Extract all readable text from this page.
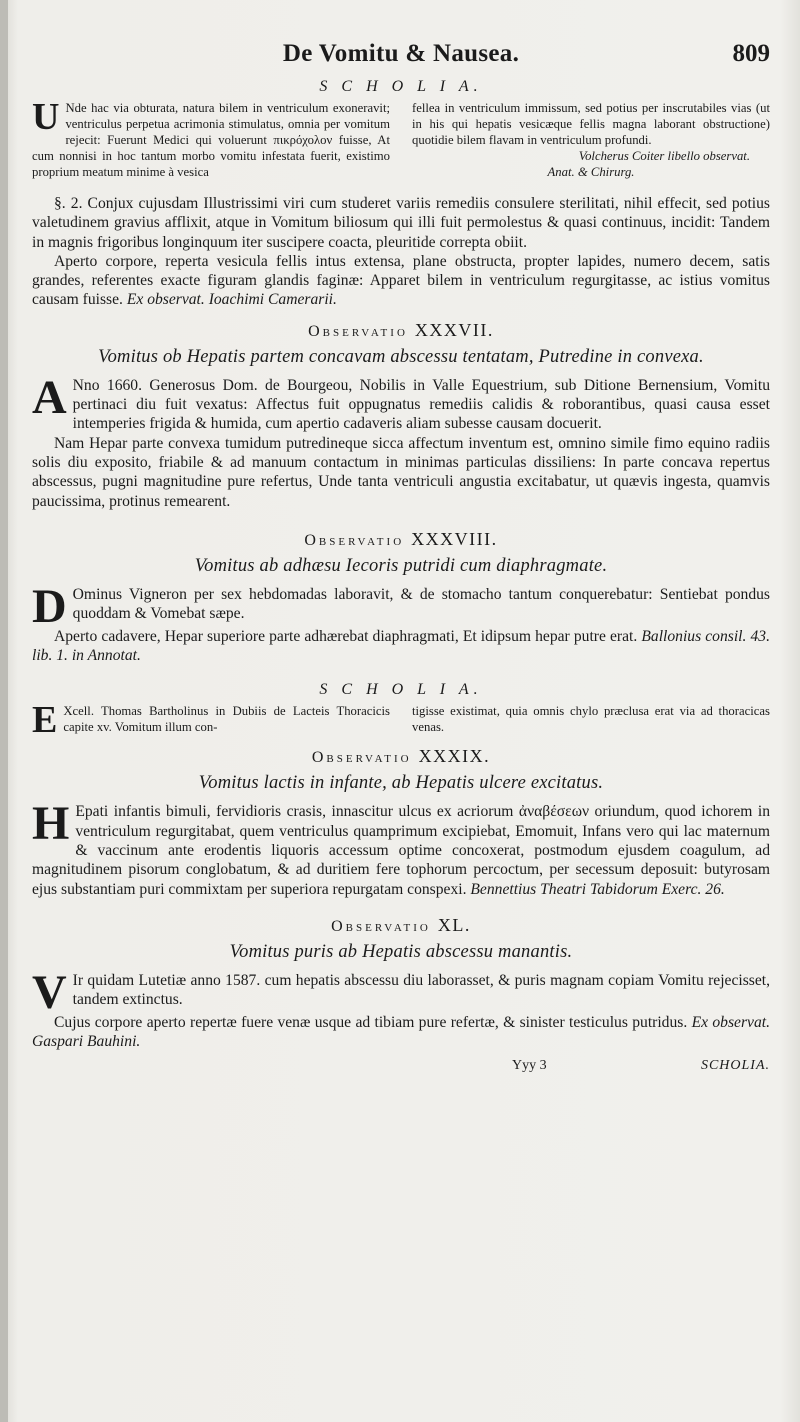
De Vomitu & Nausea.	809
S C H O L I A.
U Nde hac via obturata, natura bilem in ventriculum exoneravit; ventriculus perpetua acrimonia stimulatus, omnia per vomitum rejecit: Fuerunt Medici qui voluerunt πικρόχολον fuisse, At cum nonnisi in hoc tantum morbo vomitu infestata fuerit, existimo proprium meatum minime à vesica
fellea in ventriculum immissum, sed potius per inscrutabiles vias (ut in his qui hepatis vesicæque fellis magna laborant obstructione) quotidie bilem flavam in ventriculum profundi.
Volcherus Coiter libello observat.
Anat. & Chirurg.

§. 2. Conjux cujusdam Illustrissimi viri cum studeret variis remediis consulere sterilitati, nihil effecit, sed potius valetudinem gravius afflixit, atque in Vomitum biliosum qui illi fuit permolestus & quasi continuus, incidit: Tandem in magnis frigoribus longinquum iter suscipere coacta, pleuritide correpta obiit.

Aperto corpore, reperta vesicula fellis intus extensa, plane obstructa, propter lapides, numero decem, satis grandes, referentes exacte figuram glandis faginæ: Apparet bilem in ventriculum regurgitasse, ac istius vomitus causam fuisse. Ex observat. Ioachimi Camerarii.

Observatio XXXVII.
Vomitus ob Hepatis partem concavam abscessu tentatam, Putredine in convexa.

A Nno 1660. Generosus Dom. de Bourgeou, Nobilis in Valle Equestrium, sub Ditione Bernensium, Vomitu pertinaci diu fuit vexatus: Affectus fuit oppugnatus remediis calidis & roborantibus, quasi causa esset intemperies frigida & humida, cum apertio cadaveris aliam subesse causam docuerit.

Nam Hepar parte convexa tumidum putredineque sicca affectum inventum est, omnino simile fimo equino radiis solis diu exposito, friabile & ad manuum contactum in minimas particulas dissiliens: In parte concava repertus abscessus, pugni magnitudine pure refertus, Unde tanta ventriculi angustia excitabatur, ut quævis ingesta, quamvis paucissima, protinus remearent.

Observatio XXXVIII.
Vomitus ab adhæsu Iecoris putridi cum diaphragmate.

D Ominus Vigneron per sex hebdomadas laboravit, & de stomacho tantum conquerebatur: Sentiebat pondus quoddam & Vomebat sæpe.

Aperto cadavere, Hepar superiore parte adhærebat diaphragmati, Et idipsum hepar putre erat. Ballonius consil. 43. lib. 1. in Annotat.

S C H O L I A.
E Xcell. Thomas Bartholinus in Dubiis de Lacteis Thoracicis capite xv. Vomitum illum con-
tigisse existimat, quia omnis chylo præclusa erat via ad thoracicas venas.
Observatio XXXIX.
Vomitus lactis in infante, ab Hepatis ulcere excitatus.

H Epati infantis bimuli, fervidioris crasis, innascitur ulcus ex acriorum ἀναβέσεων oriundum, quod ichorem in ventriculum regurgitabat, quem ventriculus quamprimum excipiebat, Emomuit, Infans vero qui lac maternum & vaccinum ante erodentis liquoris accessum optime concoxerat, postmodum ejusdem coagulum, ad magnitudinem pisorum conglobatum, & ad duritiem fere tophorum percoctum, per secessum deposuit: butyrosam ejus substantiam puri commixtam per superiora repurgatam conspexi. Bennettius Theatri Tabidorum Exerc. 26.

Observatio XL.
Vomitus puris ab Hepatis abscessu manantis.

V Ir quidam Lutetiæ anno 1587. cum hepatis abscessu diu laborasset, & puris magnam copiam Vomitu rejecisset, tandem extinctus.

Cujus corpore aperto repertæ fuere venæ usque ad tibiam pure refertæ, & sinister testiculus putridus. Ex observat. Gaspari Bauhini.

Yyy 3	SCHOLIA.
